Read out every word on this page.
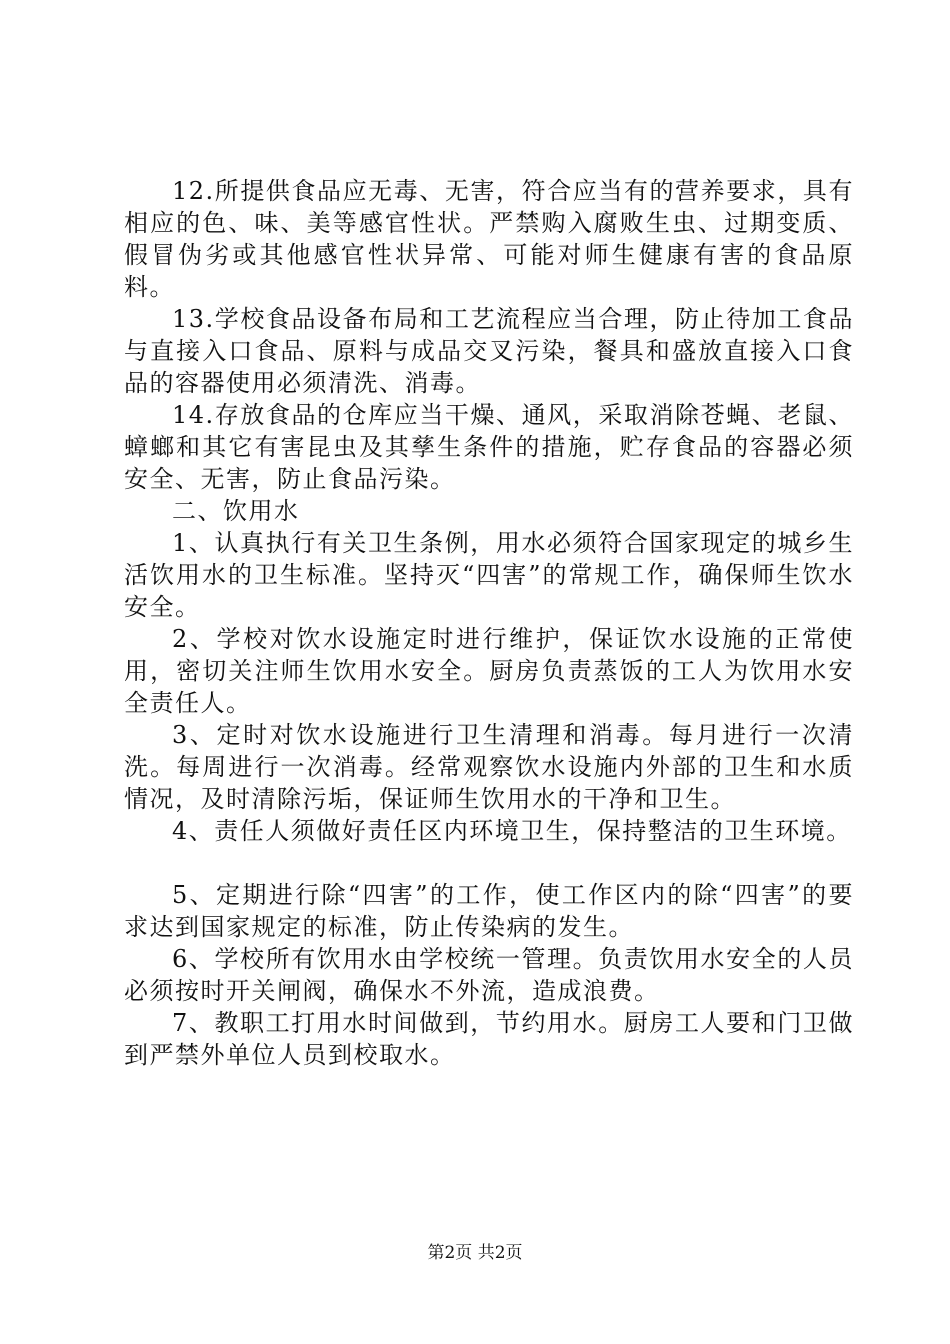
12.所提供食品应无毒、无害，符合应当有的营养要求，具有相应的色、味、美等感官性状。严禁购入腐败生虫、过期变质、假冒伪劣或其他感官性状异常、可能对师生健康有害的食品原料。

13.学校食品设备布局和工艺流程应当合理，防止待加工食品与直接入口食品、原料与成品交叉污染，餐具和盛放直接入口食品的容器使用必须清洗、消毒。

14.存放食品的仓库应当干燥、通风，采取消除苍蝇、老鼠、蟑螂和其它有害昆虫及其孳生条件的措施，贮存食品的容器必须安全、无害，防止食品污染。

二、饮用水

1、认真执行有关卫生条例，用水必须符合国家现定的城乡生活饮用水的卫生标准。坚持灭“四害”的常规工作，确保师生饮水安全。

2、学校对饮水设施定时进行维护，保证饮水设施的正常使用，密切关注师生饮用水安全。厨房负责蒸饭的工人为饮用水安全责任人。

3、定时对饮水设施进行卫生清理和消毒。每月进行一次清洗。每周进行一次消毒。经常观察饮水设施内外部的卫生和水质情况，及时清除污垢，保证师生饮用水的干净和卫生。

4、责任人须做好责任区内环境卫生，保持整洁的卫生环境。

5、定期进行除“四害”的工作，使工作区内的除“四害”的要求达到国家规定的标准，防止传染病的发生。

6、学校所有饮用水由学校统一管理。负责饮用水安全的人员必须按时开关闸阀，确保水不外流，造成浪费。

7、教职工打用水时间做到，节约用水。厨房工人要和门卫做到严禁外单位人员到校取水。

第2页 共2页
